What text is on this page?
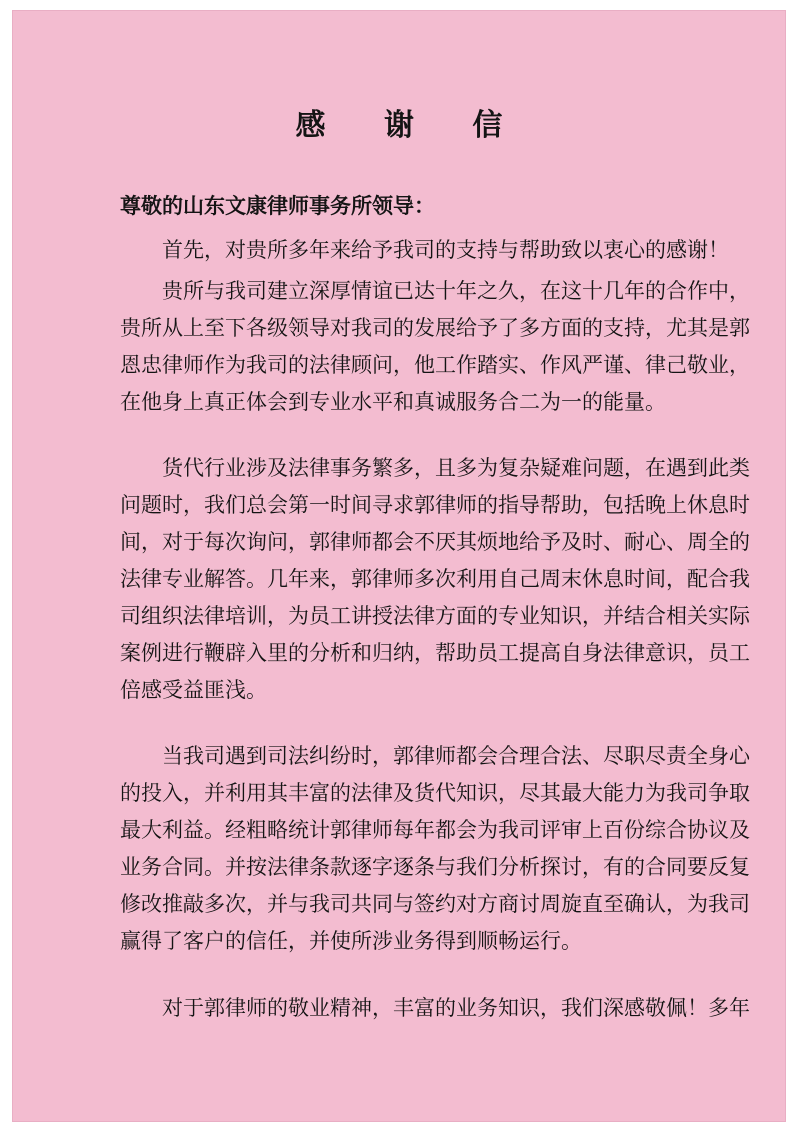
感 谢 信
尊敬的山东文康律师事务所领导：
首先，对贵所多年来给予我司的支持与帮助致以衷心的感谢！
贵所与我司建立深厚情谊已达十年之久，在这十几年的合作中，
贵所从上至下各级领导对我司的发展给予了多方面的支持，尤其是郭
恩忠律师作为我司的法律顾问，他工作踏实、作风严谨、律己敬业，
在他身上真正体会到专业水平和真诚服务合二为一的能量。
货代行业涉及法律事务繁多，且多为复杂疑难问题，在遇到此类
问题时，我们总会第一时间寻求郭律师的指导帮助，包括晚上休息时
间，对于每次询问，郭律师都会不厌其烦地给予及时、耐心、周全的
法律专业解答。几年来，郭律师多次利用自己周末休息时间，配合我
司组织法律培训，为员工讲授法律方面的专业知识，并结合相关实际
案例进行鞭辟入里的分析和归纳，帮助员工提高自身法律意识，员工
倍感受益匪浅。
当我司遇到司法纠纷时，郭律师都会合理合法、尽职尽责全身心
的投入，并利用其丰富的法律及货代知识，尽其最大能力为我司争取
最大利益。经粗略统计郭律师每年都会为我司评审上百份综合协议及
业务合同。并按法律条款逐字逐条与我们分析探讨，有的合同要反复
修改推敲多次，并与我司共同与签约对方商讨周旋直至确认，为我司
赢得了客户的信任，并使所涉业务得到顺畅运行。
对于郭律师的敬业精神，丰富的业务知识，我们深感敬佩！多年
